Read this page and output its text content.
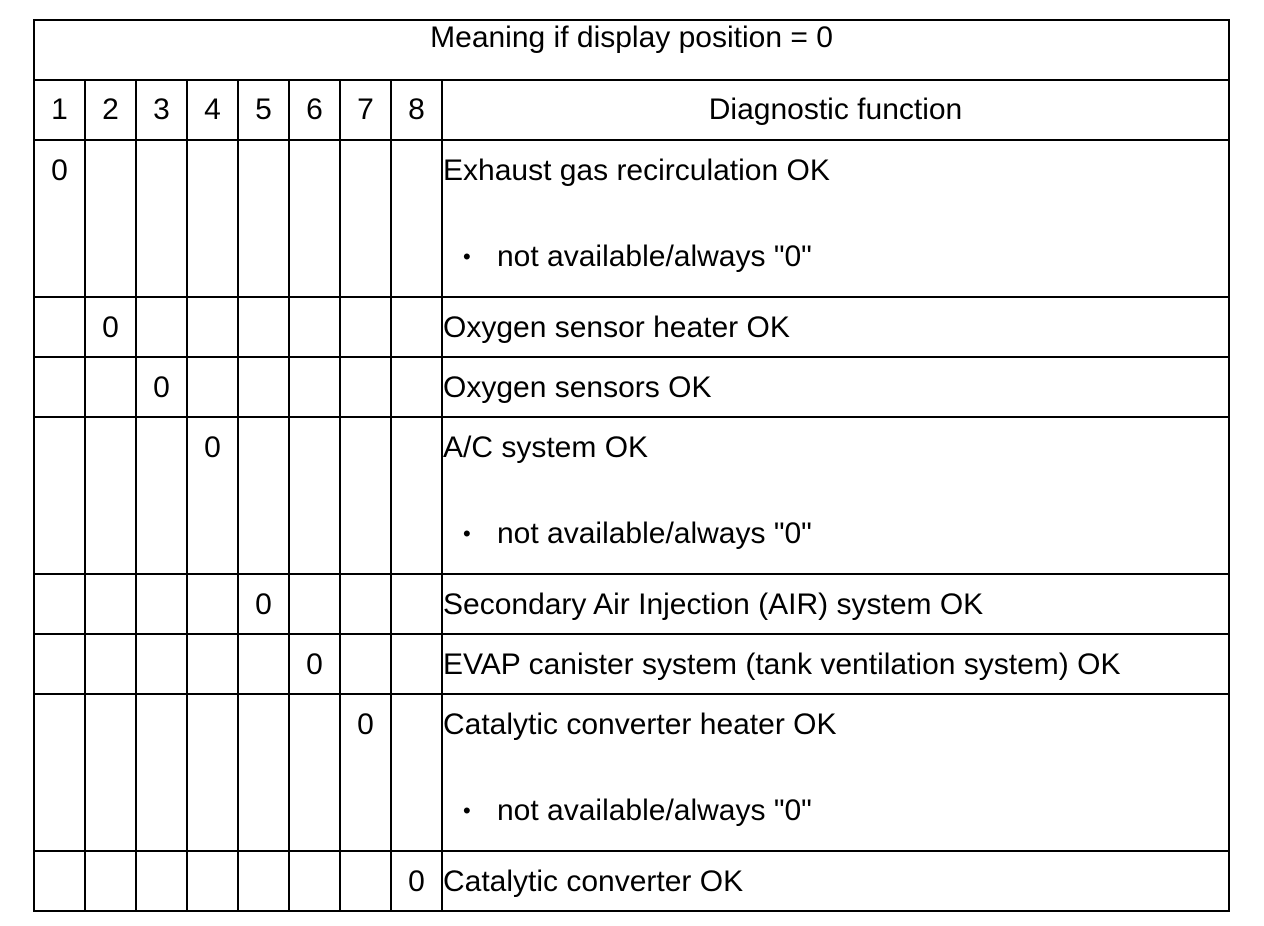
Meaning if display position = 0								
1	2	3	4	5	6	7	8	Diagnostic function

0								Exhaust gas recirculation OK
• not available/always "0"

	0							Oxygen sensor heater OK

		0						Oxygen sensors OK

			0					A/C system OK
• not available/always "0"

				0				Secondary Air Injection (AIR) system OK

					0			EVAP canister system (tank ventilation system) OK

						0		Catalytic converter heater OK
• not available/always "0"

							0	Catalytic converter OK
